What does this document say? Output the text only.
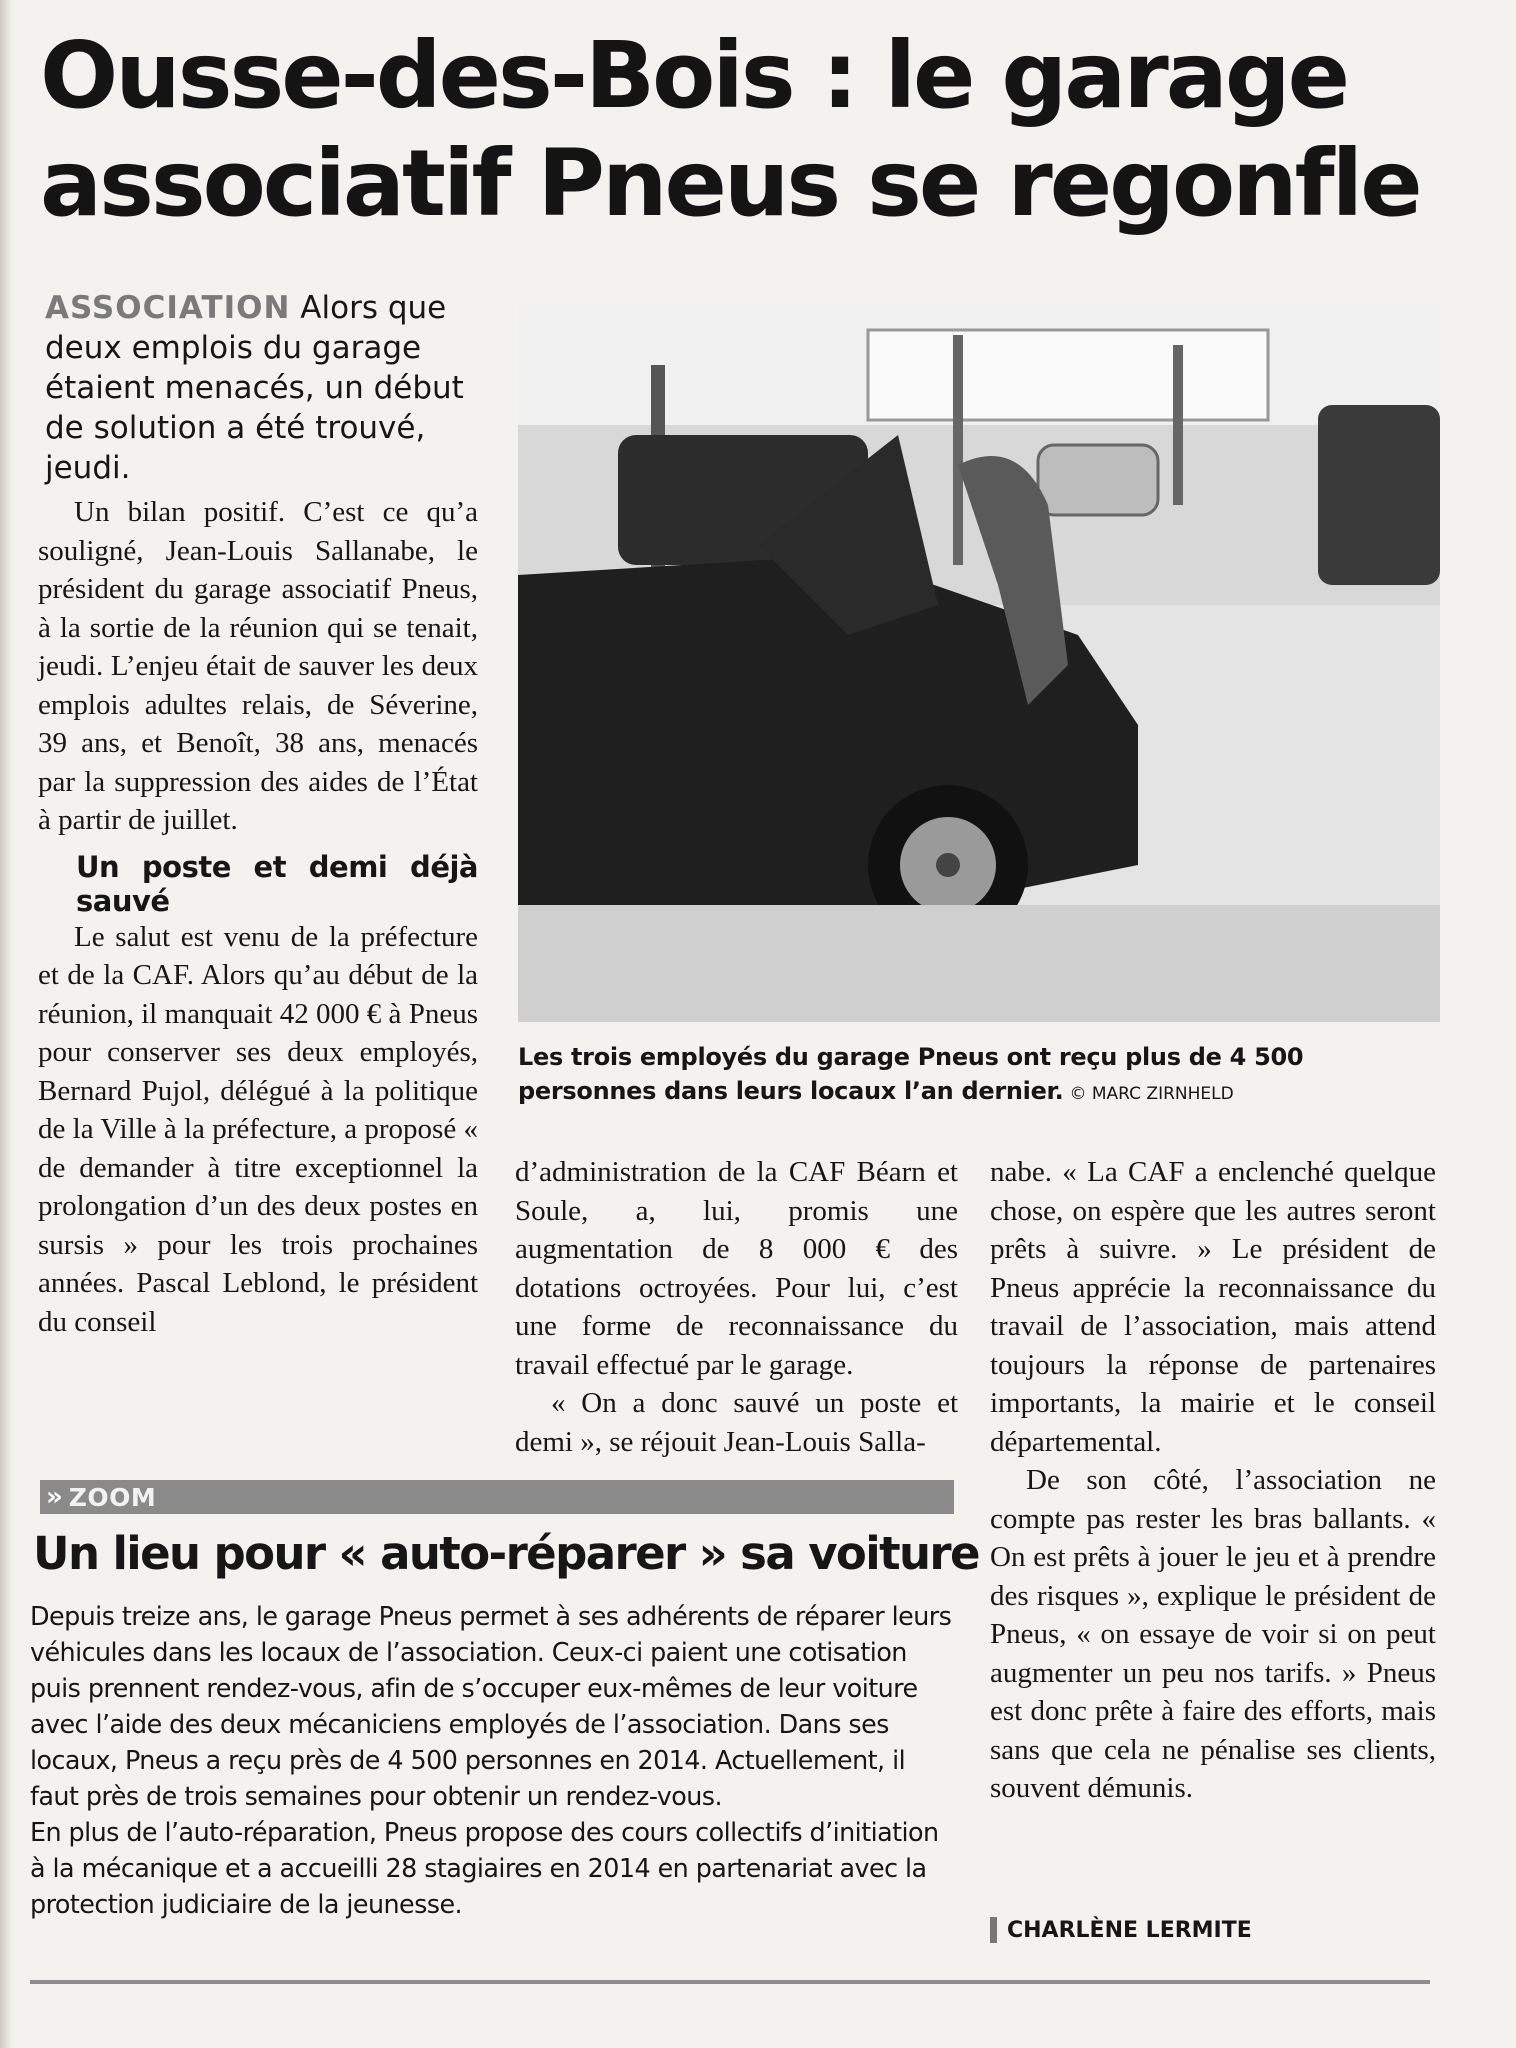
Ousse-des-Bois : le garage
associatif Pneus se regonfle

ASSOCIATION Alors que deux emplois du garage étaient menacés, un début de solution a été trouvé, jeudi.

Les trois employés du garage Pneus ont reçu plus de 4 500 personnes dans leurs locaux l’an dernier. © MARC ZIRNHELD

Un bilan positif. C’est ce qu’a souligné, Jean-Louis Sallanabe, le président du garage associatif Pneus, à la sortie de la réunion qui se tenait, jeudi. L’enjeu était de sauver les deux emplois adultes relais, de Séverine, 39 ans, et Benoît, 38 ans, menacés par la suppression des aides de l’État à partir de juillet.

Un poste et demi déjà sauvé

Le salut est venu de la préfecture et de la CAF. Alors qu’au début de la réunion, il manquait 42 000 € à Pneus pour conserver ses deux employés, Bernard Pujol, délégué à la politique de la Ville à la préfecture, a proposé « de demander à titre exceptionnel la prolongation d’un des deux postes en sursis » pour les trois prochaines années. Pascal Leblond, le président du conseil

d’administration de la CAF Béarn et Soule, a, lui, promis une augmentation de 8 000 € des dotations octroyées. Pour lui, c’est une forme de reconnaissance du travail effectué par le garage.

« On a donc sauvé un poste et demi », se réjouit Jean-Louis Salla-

nabe. « La CAF a enclenché quelque chose, on espère que les autres seront prêts à suivre. » Le président de Pneus apprécie la reconnaissance du travail de l’association, mais attend toujours la réponse de partenaires importants, la mairie et le conseil départemental.

De son côté, l’association ne compte pas rester les bras ballants. « On est prêts à jouer le jeu et à prendre des risques », explique le président de Pneus, « on essaye de voir si on peut augmenter un peu nos tarifs. » Pneus est donc prête à faire des efforts, mais sans que cela ne pénalise ses clients, souvent démunis.

» ZOOM
Un lieu pour « auto-réparer » sa voiture

Depuis treize ans, le garage Pneus permet à ses adhérents de réparer leurs véhicules dans les locaux de l’association. Ceux-ci paient une cotisation puis prennent rendez-vous, afin de s’occuper eux-mêmes de leur voiture avec l’aide des deux mécaniciens employés de l’association. Dans ses locaux, Pneus a reçu près de 4 500 personnes en 2014. Actuellement, il faut près de trois semaines pour obtenir un rendez-vous.

En plus de l’auto-réparation, Pneus propose des cours collectifs d’initiation à la mécanique et a accueilli 28 stagiaires en 2014 en partenariat avec la protection judiciaire de la jeunesse.

CHARLÈNE LERMITE
